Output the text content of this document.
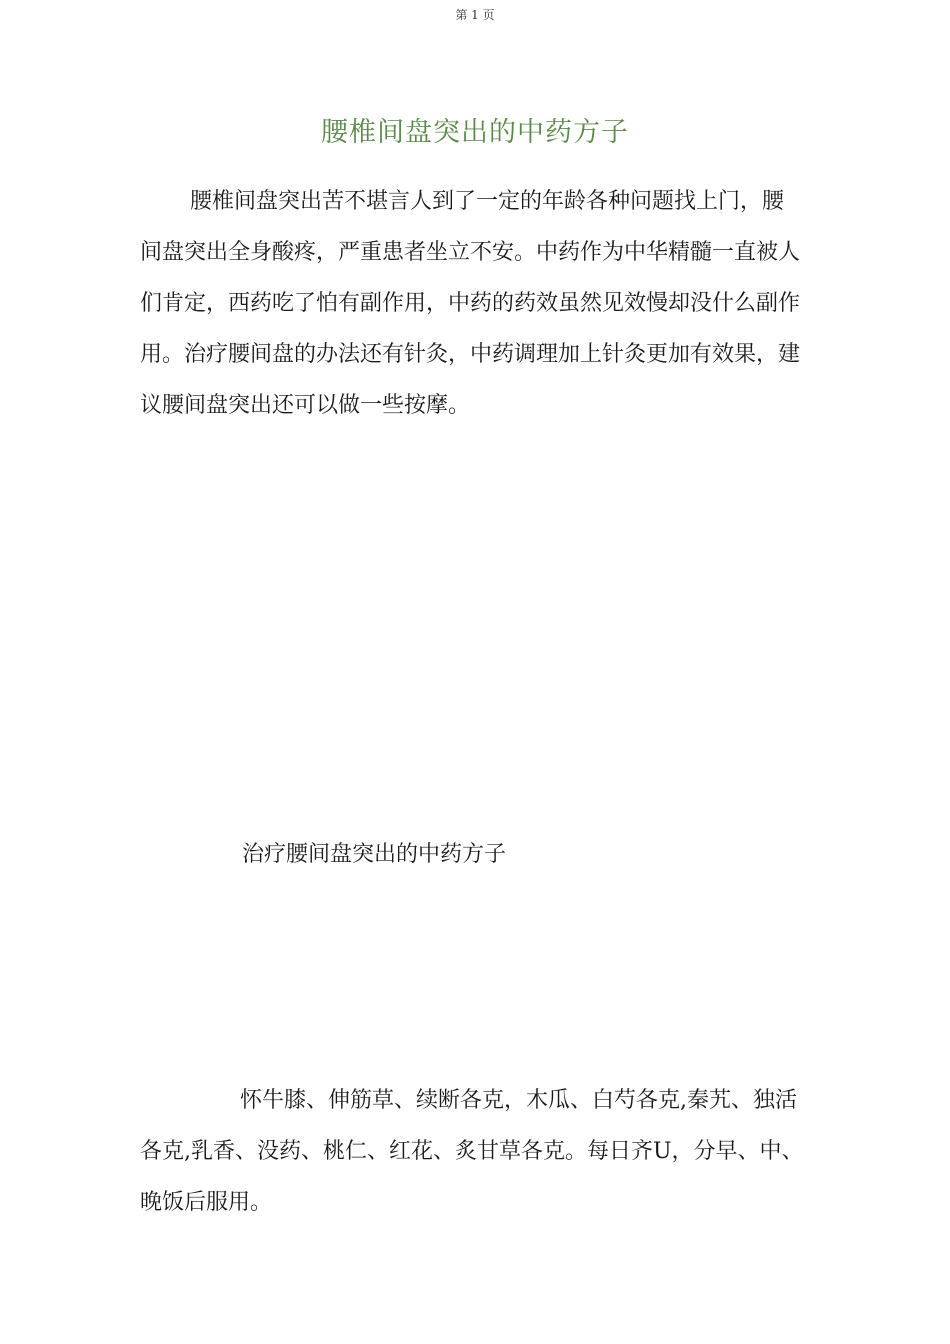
第 1 页
腰椎间盘突出的中药方子

腰椎间盘突出苦不堪言人到了一定的年龄各种问题找上门，腰间盘突出全身酸疼，严重患者坐立不安。中药作为中华精髓一直被人们肯定，西药吃了怕有副作用，中药的药效虽然见效慢却没什么副作用。治疗腰间盘的办法还有针灸，中药调理加上针灸更加有效果，建议腰间盘突出还可以做一些按摩。

治疗腰间盘突出的中药方子

怀牛膝、伸筋草、续断各克，木瓜、白芍各克,秦艽、独活各克,乳香、没药、桃仁、红花、炙甘草各克。每日齐U，分早、中、晚饭后服用。
